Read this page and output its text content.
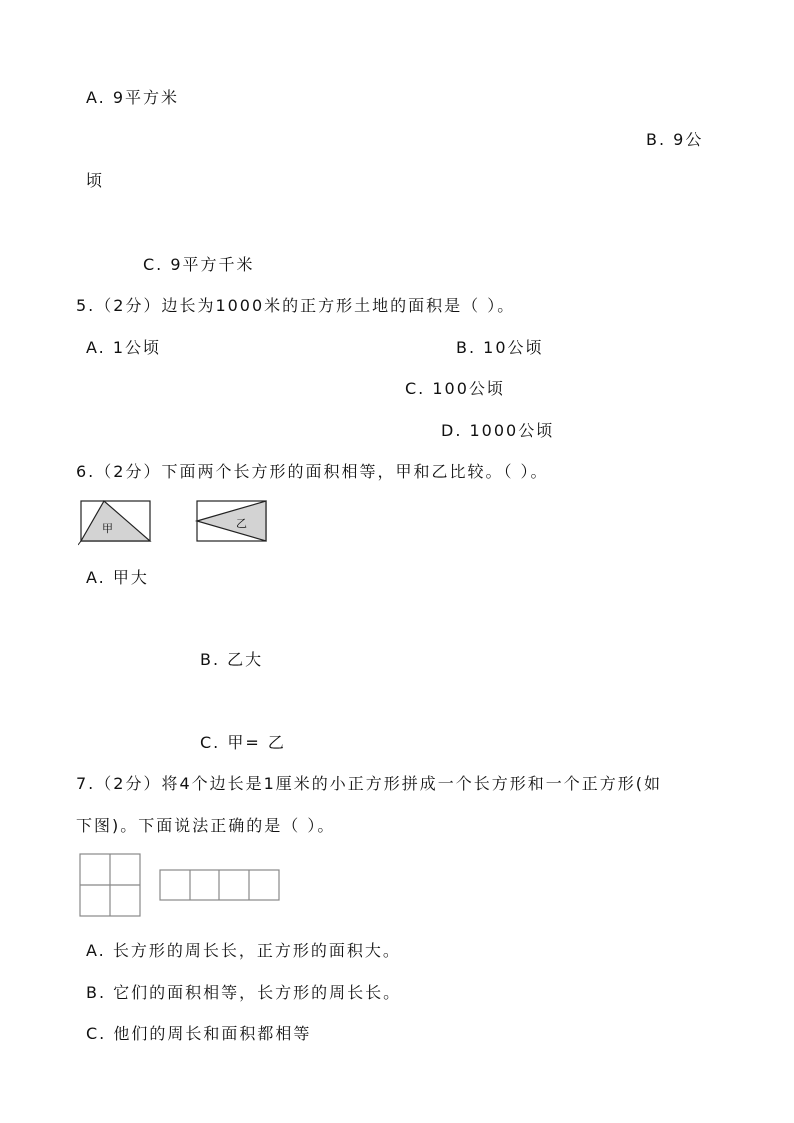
A. 9平方米
B. 9公
顷
C. 9平方千米
5.（2分）边长为1000米的正方形土地的面积是（ ）。
A. 1公顷	B. 10公顷
C. 100公顷
D. 1000公顷
6.（2分）下面两个长方形的面积相等，甲和乙比较。（ ）。
甲	乙
A. 甲大
B. 乙大
C. 甲= 乙
7.（2分）将4个边长是1厘米的小正方形拼成一个长方形和一个正方形(如
下图)。下面说法正确的是（ ）。
A. 长方形的周长长，正方形的面积大。
B. 它们的面积相等，长方形的周长长。
C. 他们的周长和面积都相等
